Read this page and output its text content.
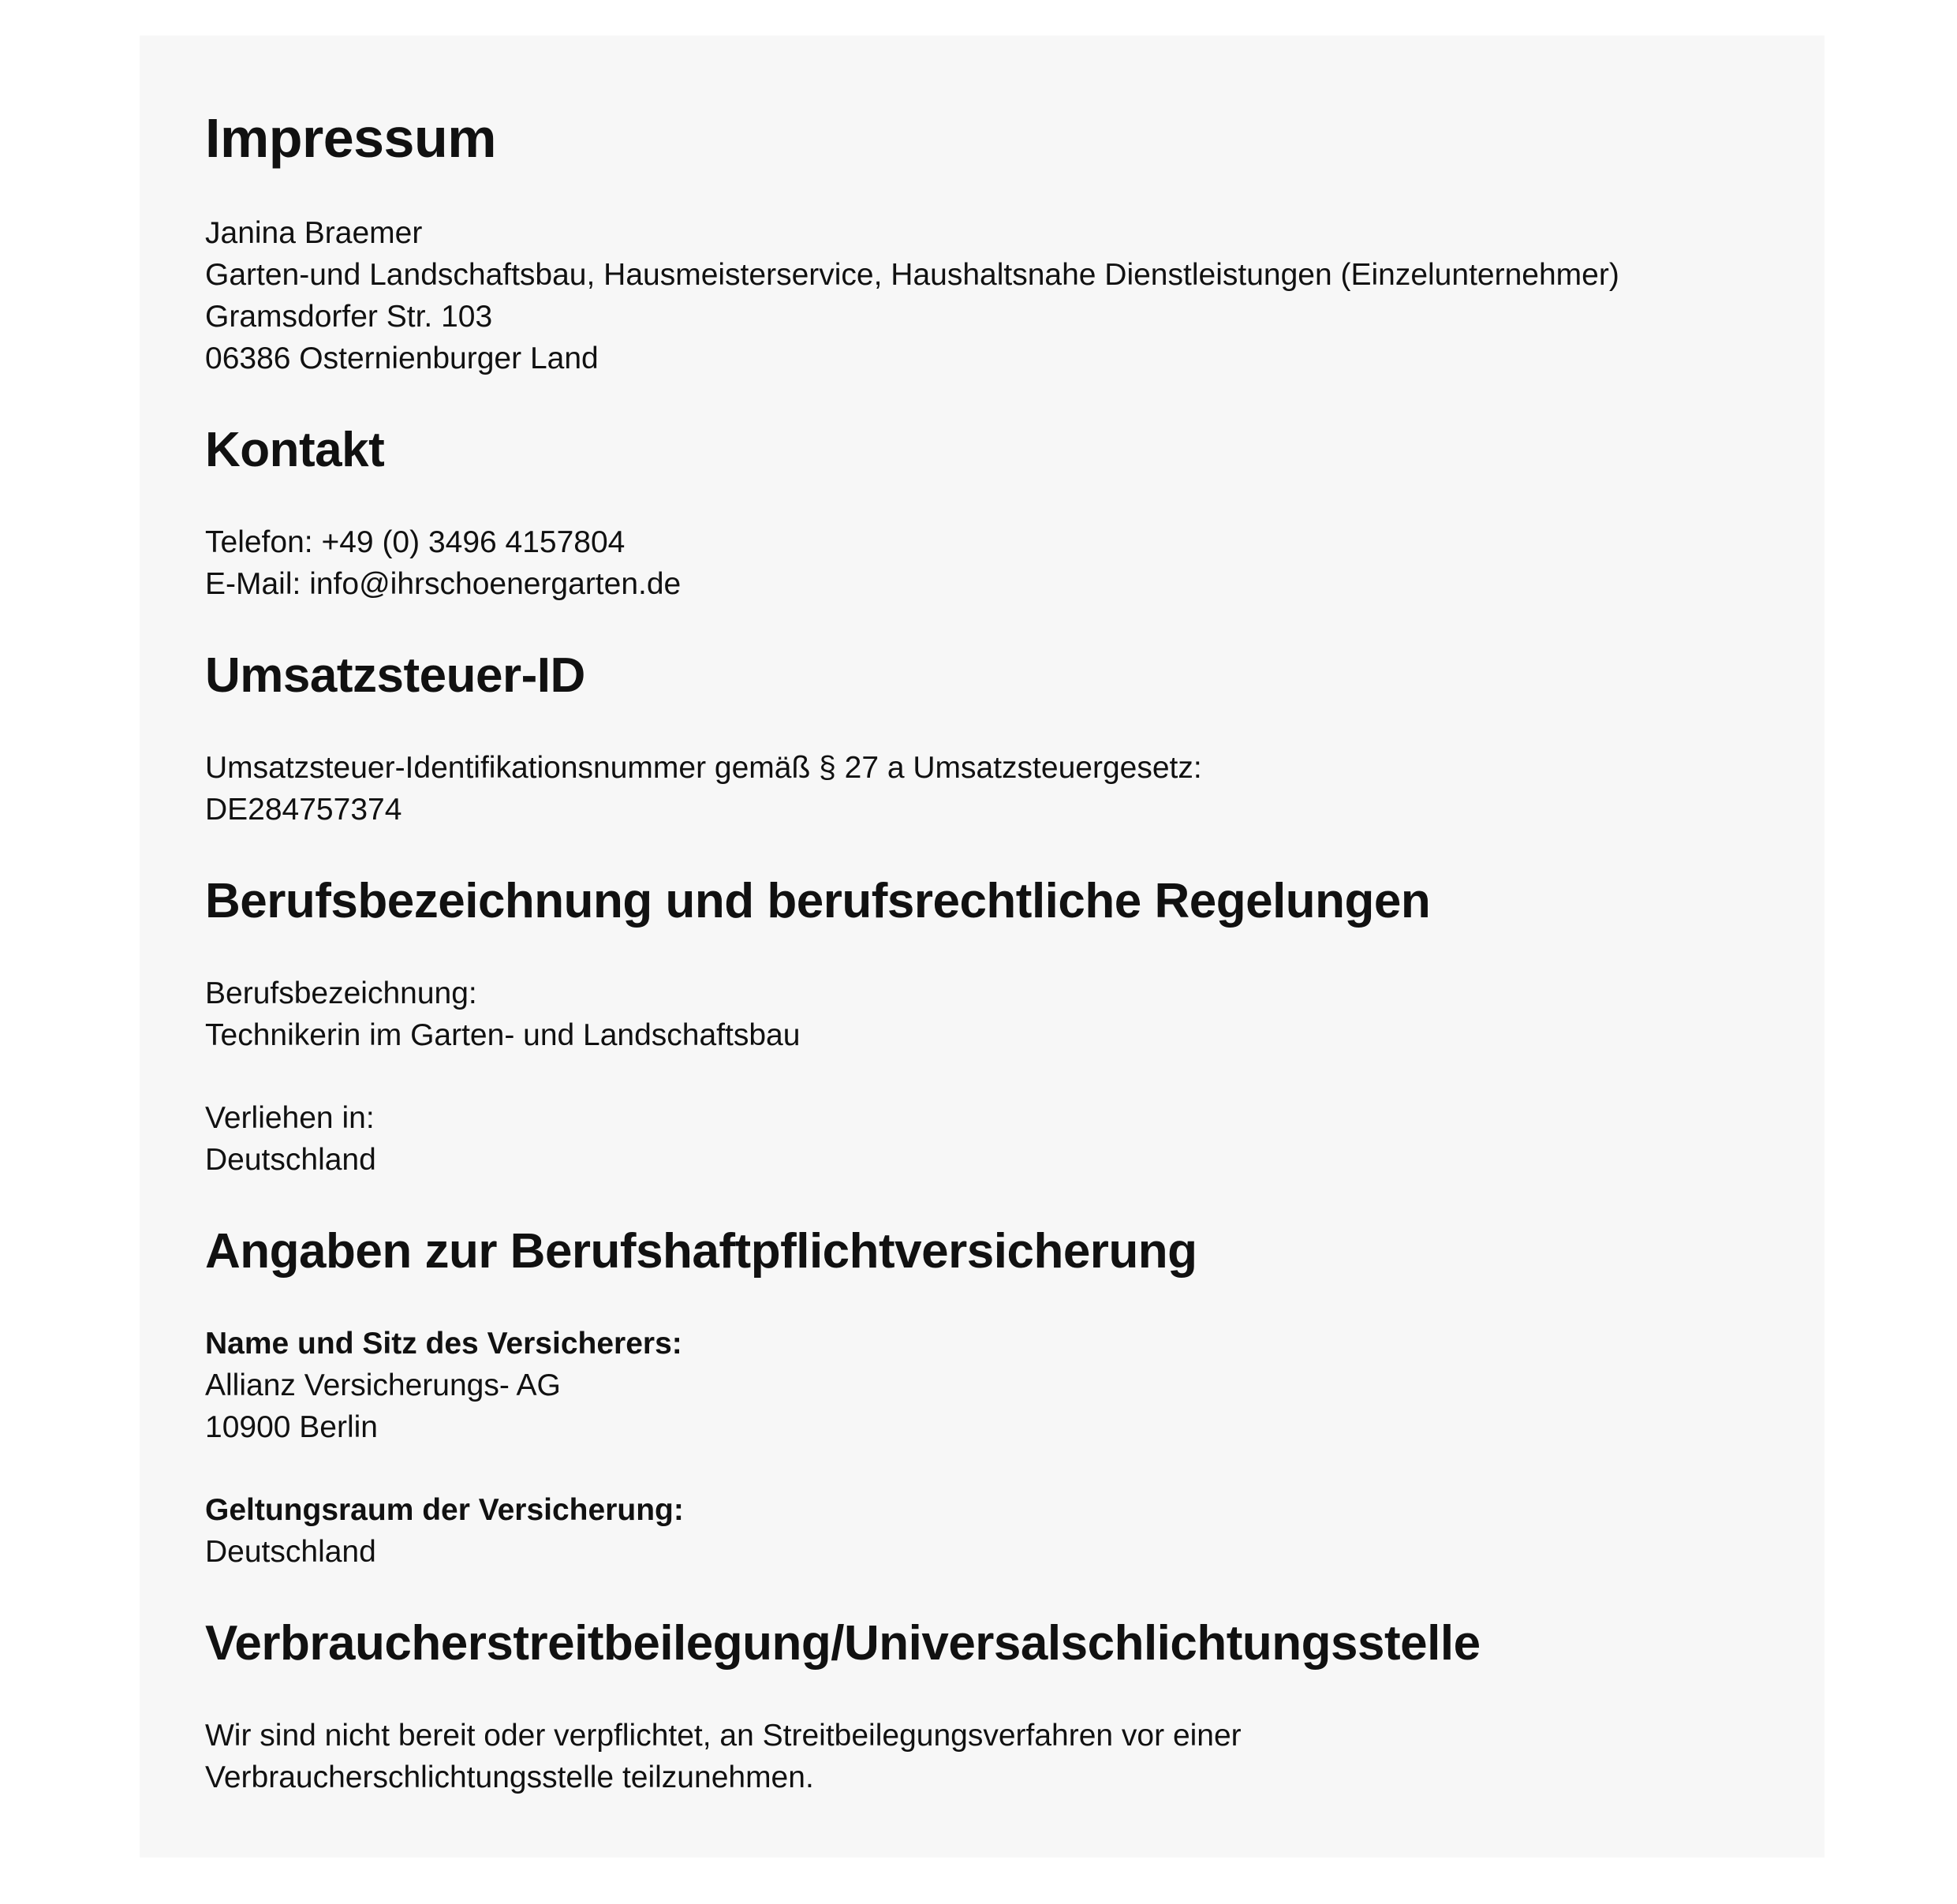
Impressum

Janina Braemer
Garten-und Landschaftsbau, Hausmeisterservice, Haushaltsnahe Dienstleistungen (Einzelunternehmer)
Gramsdorfer Str. 103
06386 Osternienburger Land

Kontakt

Telefon: +49 (0) 3496 4157804
E-Mail: info@ihrschoenergarten.de

Umsatzsteuer-ID

Umsatzsteuer-Identifikationsnummer gemäß § 27 a Umsatzsteuergesetz:
DE284757374

Berufsbezeichnung und berufsrechtliche Regelungen

Berufsbezeichnung:
Technikerin im Garten- und Landschaftsbau

Verliehen in:
Deutschland

Angaben zur Berufshaftpflichtversicherung

Name und Sitz des Versicherers:
Allianz Versicherungs- AG
10900 Berlin

Geltungsraum der Versicherung:
Deutschland

Verbraucherstreitbeilegung/Universalschlichtungsstelle

Wir sind nicht bereit oder verpflichtet, an Streitbeilegungsverfahren vor einer
Verbraucherschlichtungsstelle teilzunehmen.
